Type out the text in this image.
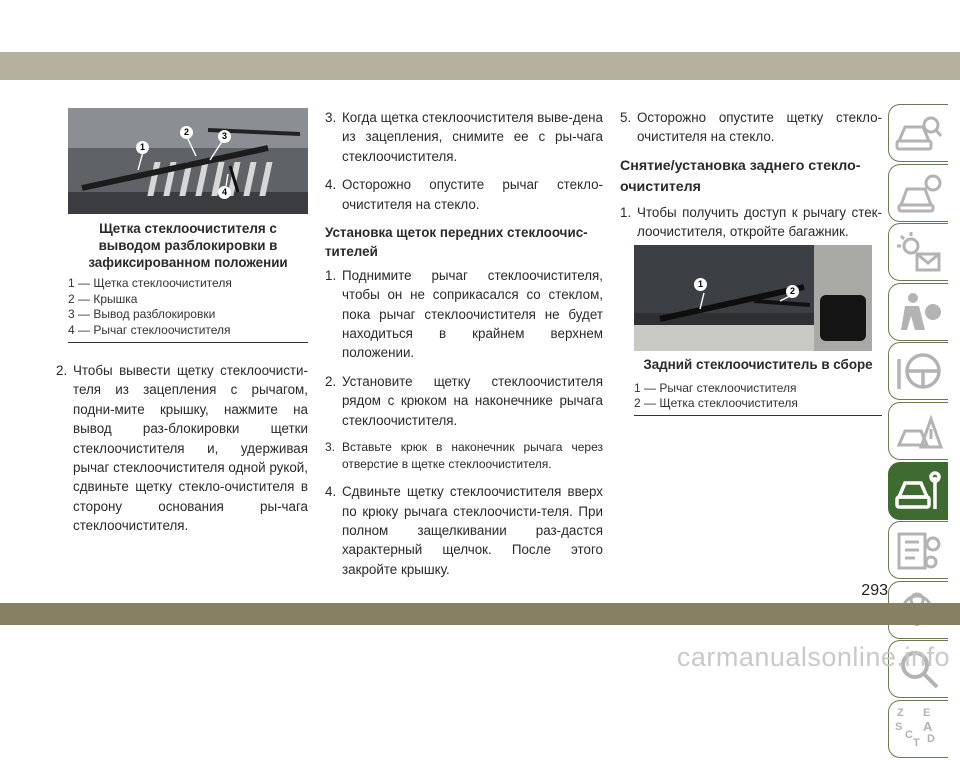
1
2	3
4
Щетка стеклоочистителя с выводом разблокировки в зафиксированном положении
1 — Щетка стеклоочистителя
2 — Крышка
3 — Вывод разблокировки
4 — Рычаг стеклоочистителя
2. Чтобы вывести щетку стеклоочисти-теля из зацепления с рычагом, подни-мите крышку, нажмите на вывод раз-блокировки щетки стеклоочистителя и, удерживая рычаг стеклоочистителя одной рукой, сдвиньте щетку стекло-очистителя в сторону основания ры-чага стеклоочистителя.
3. Когда щетка стеклоочистителя выве-дена из зацепления, снимите ее с ры-чага стеклоочистителя.
4. Осторожно опустите рычаг стекло-очистителя на стекло.
Установка щеток передних стеклоочис-тителей
1. Поднимите рычаг стеклоочистителя, чтобы он не соприкасался со стеклом, пока рычаг стеклоочистителя не будет находиться в крайнем верхнем положении.
2. Установите щетку стеклоочистителя рядом с крюком на наконечнике рычага стеклоочистителя.
3. Вставьте крюк в наконечник рычага через отверстие в щетке стеклоочистителя.
4. Сдвиньте щетку стеклоочистителя вверх по крюку рычага стеклоочисти-теля. При полном защелкивании раз-дастся характерный щелчок. После этого закройте крышку.
5. Осторожно опустите щетку стекло-очистителя на стекло.
Снятие/установка заднего стекло-очистителя
1. Чтобы получить доступ к рычагу стек-лоочистителя, откройте багажник.
1
2
Задний стеклоочиститель в сборе
1 — Рычаг стеклоочистителя
2 — Щетка стеклоочистителя
Z E
S A
C D
T
293
carmanualsonline.info
